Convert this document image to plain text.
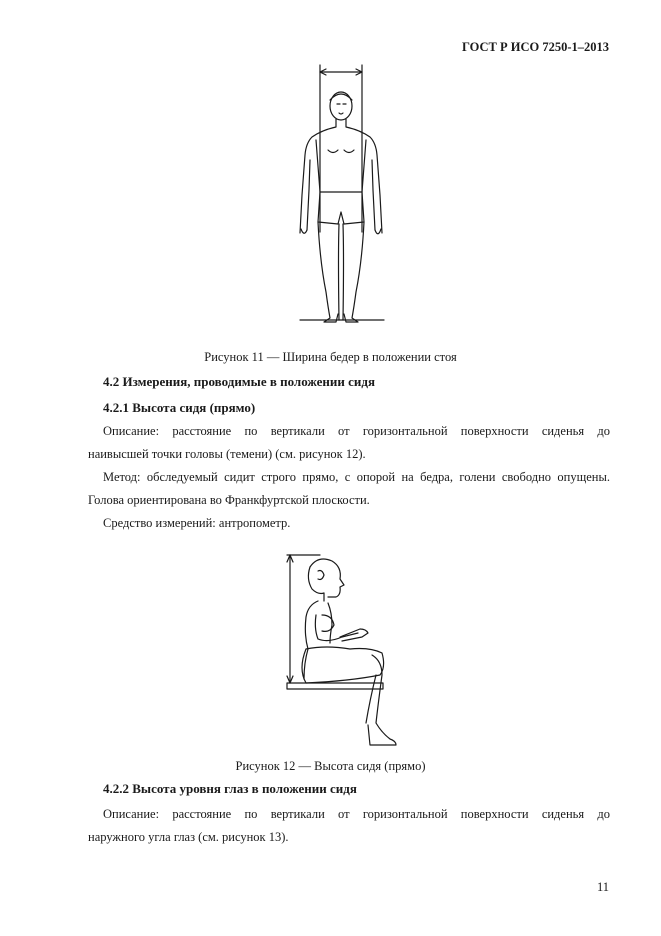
ГОСТ Р ИСО 7250-1–2013
Рисунок 11 — Ширина бедер в положении стоя
4.2 Измерения, проводимые в положении сидя
4.2.1 Высота сидя (прямо)
Описание: расстояние по вертикали от горизонтальной поверхности сиденья до
наивысшей точки головы (темени) (см. рисунок 12).
Метод: обследуемый сидит строго прямо, с опорой на бедра, голени свободно опущены.
Голова ориентирована во Франкфуртской плоскости.
Средство измерений: антропометр.
Рисунок 12 — Высота сидя (прямо)
4.2.2 Высота уровня глаз в положении сидя
Описание: расстояние по вертикали от горизонтальной поверхности сиденья до
наружного угла глаз (см. рисунок 13).
11
